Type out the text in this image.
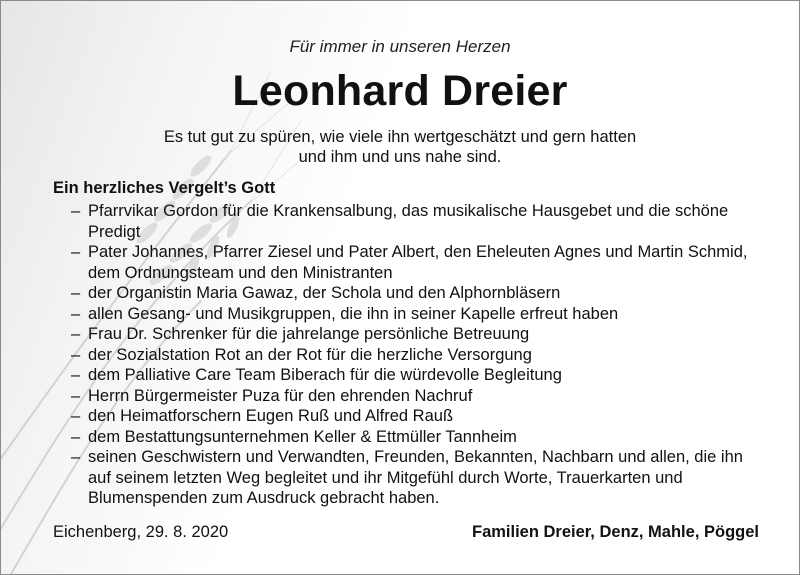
Für immer in unseren Herzen
Leonhard Dreier
Es tut gut zu spüren, wie viele ihn wertgeschätzt und gern hatten
und ihm und uns nahe sind.
Ein herzliches Vergelt’s Gott
– Pfarrvikar Gordon für die Krankensalbung, das musikalische Hausgebet und die schöne Predigt
– Pater Johannes, Pfarrer Ziesel und Pater Albert, den Eheleuten Agnes und Martin Schmid, dem Ordnungsteam und den Ministranten
– der Organistin Maria Gawaz, der Schola und den Alphornbläsern
– allen Gesang- und Musikgruppen, die ihn in seiner Kapelle erfreut haben
– Frau Dr. Schrenker für die jahrelange persönliche Betreuung
– der Sozialstation Rot an der Rot für die herzliche Versorgung
– dem Palliative Care Team Biberach für die würdevolle Begleitung
– Herrn Bürgermeister Puza für den ehrenden Nachruf
– den Heimatforschern Eugen Ruß und Alfred Rauß
– dem Bestattungsunternehmen Keller & Ettmüller Tannheim
– seinen Geschwistern und Verwandten, Freunden, Bekannten, Nachbarn und allen, die ihn auf seinem letzten Weg begleitet und ihr Mitgefühl durch Worte, Trauerkarten und Blumenspenden zum Ausdruck gebracht haben.
Eichenberg, 29. 8. 2020	Familien Dreier, Denz, Mahle, Pöggel
